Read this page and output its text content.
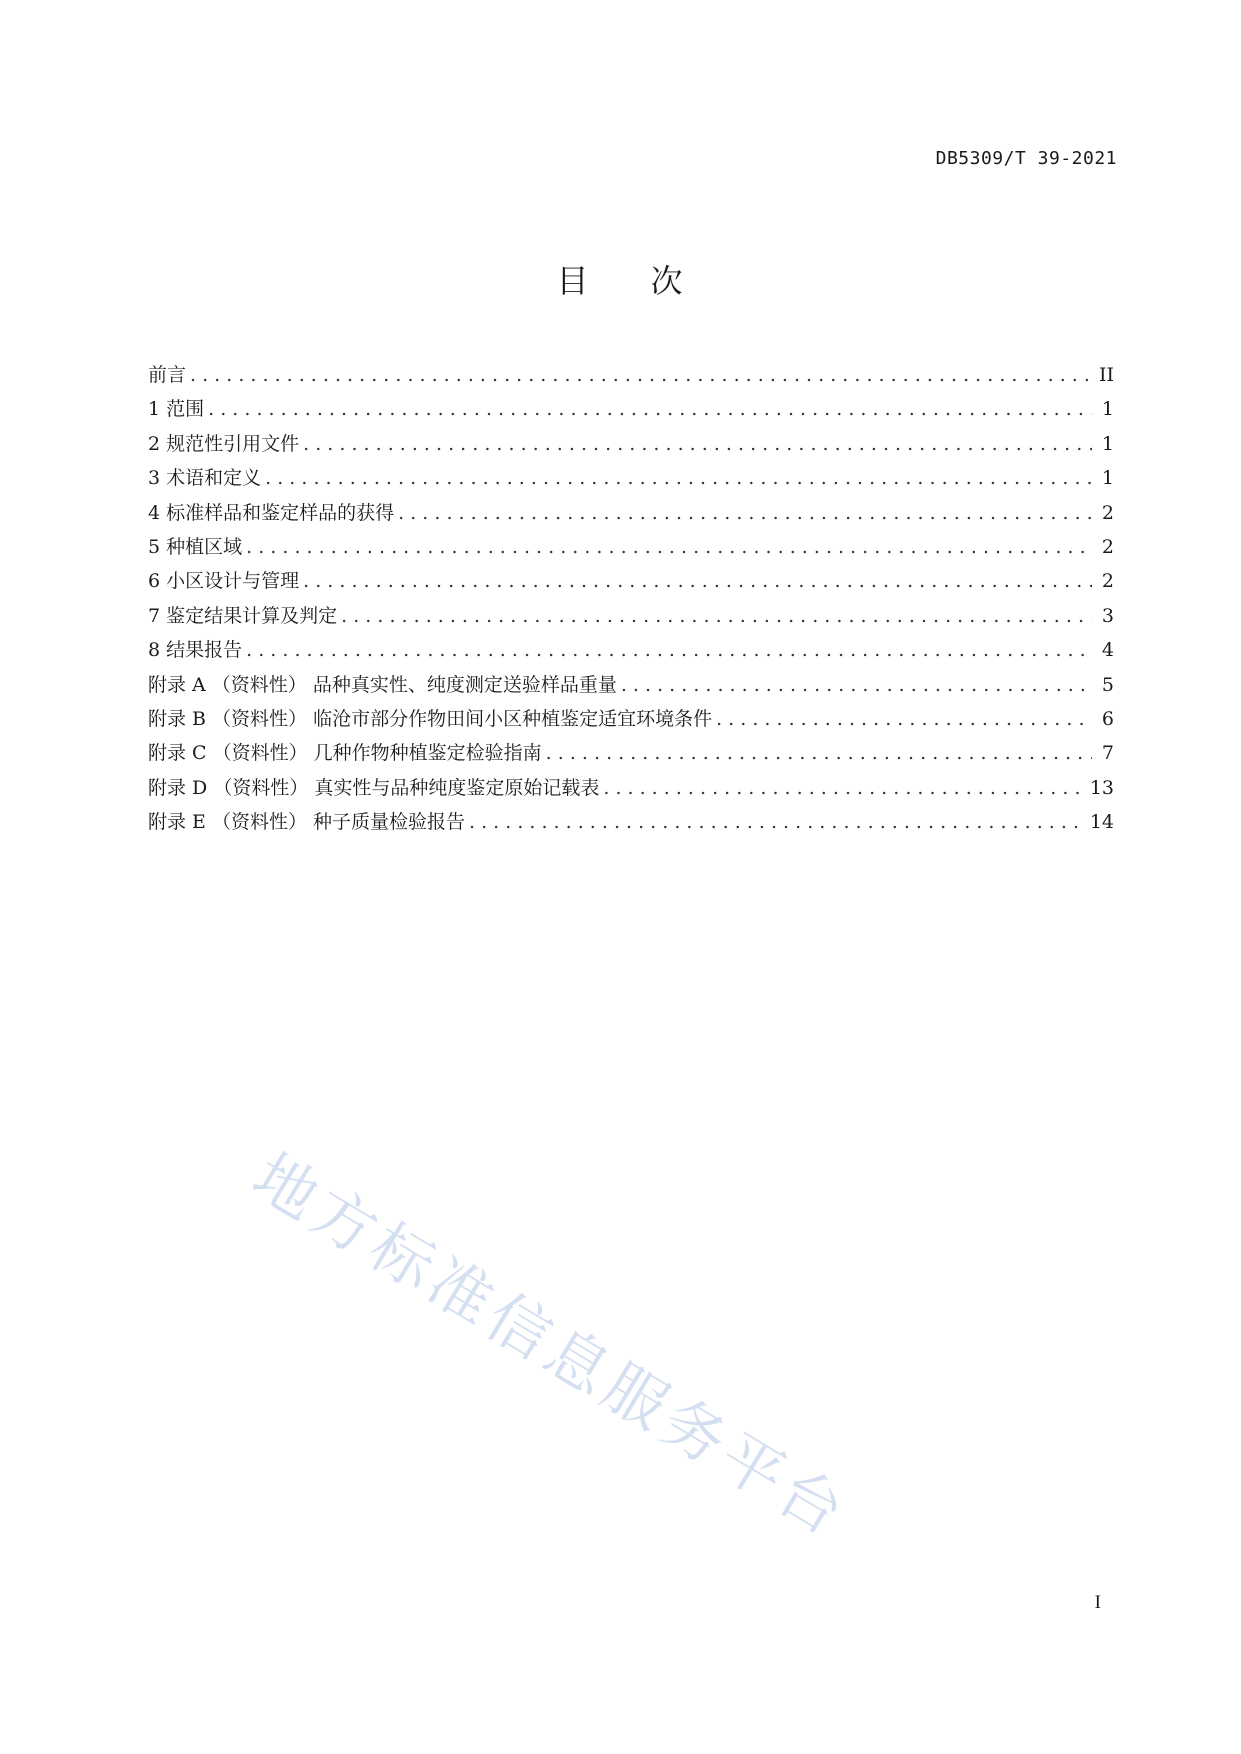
DB5309/T 39-2021
目 次
前言 . . .	II
1 范围 . . .	1
2 规范性引用文件 . . .	1
3 术语和定义 . . .	1
4 标准样品和鉴定样品的获得 . . .	2
5 种植区域 . . .	2
6 小区设计与管理 . . .	2
7 鉴定结果计算及判定 . . .	3
8 结果报告 . . .	4
附录 A （资料性） 品种真实性、纯度测定送验样品重量 . . .	5
附录 B （资料性） 临沧市部分作物田间小区种植鉴定适宜环境条件 . . .	6
附录 C （资料性） 几种作物种植鉴定检验指南 . . .	7
附录 D （资料性） 真实性与品种纯度鉴定原始记载表 . . .	13
附录 E （资料性） 种子质量检验报告 . . .	14
地方标准信息服务平台
I
